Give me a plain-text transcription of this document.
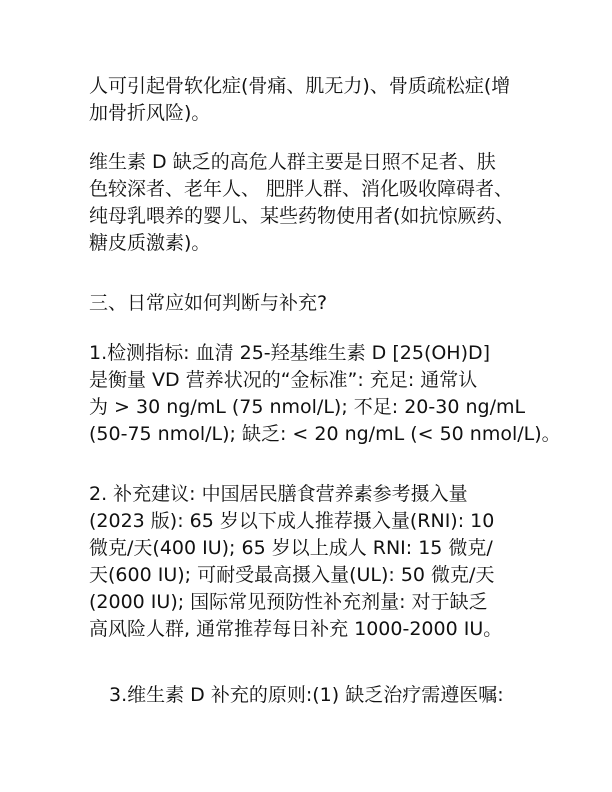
人可引起骨软化症(骨痛、肌无力)、骨质疏松症(增
加骨折风险)。
维生素 D 缺乏的高危人群主要是日照不足者、肤
色较深者、老年人、 肥胖人群、消化吸收障碍者、
纯母乳喂养的婴儿、某些药物使用者(如抗惊厥药、
糖皮质激素)。
三、日常应如何判断与补充?
1.检测指标: 血清 25-羟基维生素 D [25(OH)D]
是衡量 VD 营养状况的“金标准”: 充足: 通常认
为 > 30 ng/mL (75 nmol/L); 不足: 20-30 ng/mL
(50-75 nmol/L); 缺乏: < 20 ng/mL (< 50 nmol/L)。
2. 补充建议: 中国居民膳食营养素参考摄入量
(2023 版): 65 岁以下成人推荐摄入量(RNI): 10
微克/天(400 IU); 65 岁以上成人 RNI: 15 微克/
天(600 IU); 可耐受最高摄入量(UL): 50 微克/天
(2000 IU); 国际常见预防性补充剂量: 对于缺乏
高风险人群, 通常推荐每日补充 1000-2000 IU。
3.维生素 D 补充的原则:(1) 缺乏治疗需遵医嘱:
